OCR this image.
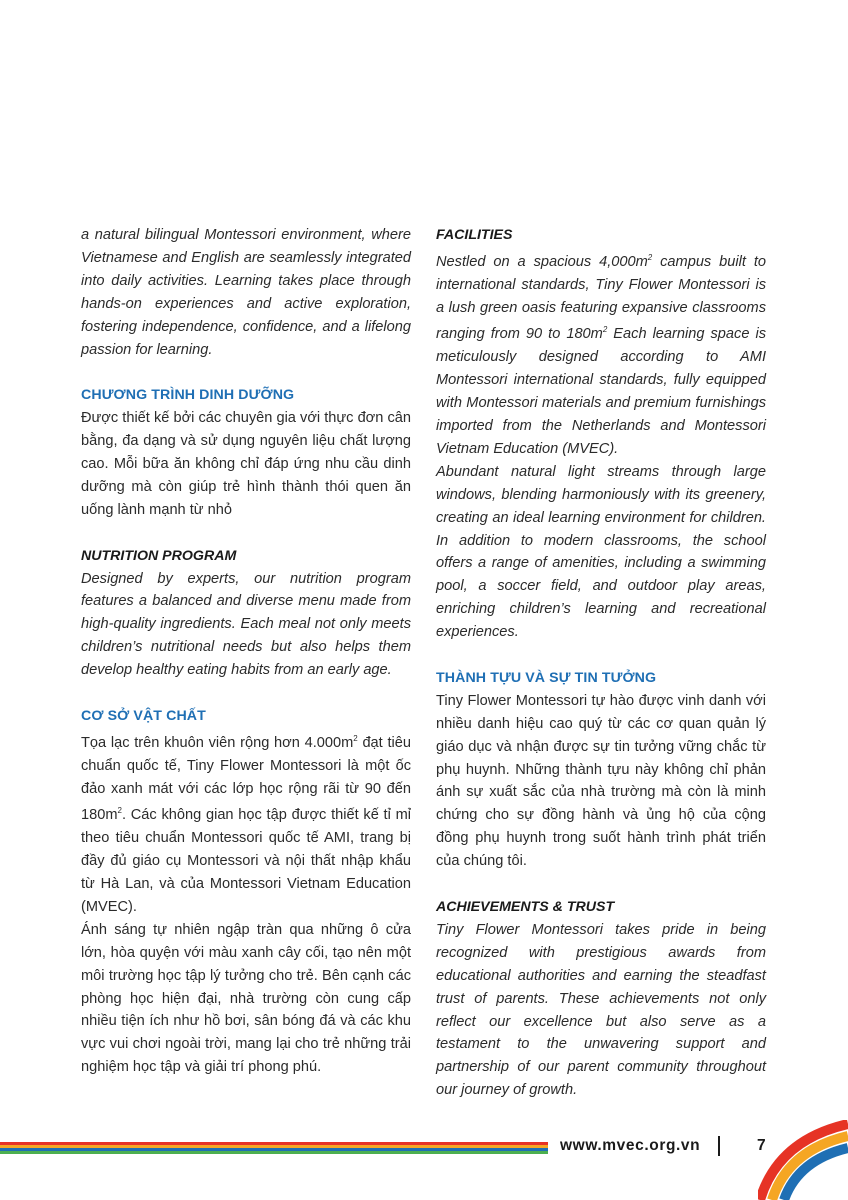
a natural bilingual Montessori environment, where Vietnamese and English are seamlessly integrated into daily activities. Learning takes place through hands-on experiences and active exploration, fostering independence, confidence, and a lifelong passion for learning.

CHƯƠNG TRÌNH DINH DƯỠNG

Được thiết kế bởi các chuyên gia với thực đơn cân bằng, đa dạng và sử dụng nguyên liệu chất lượng cao. Mỗi bữa ăn không chỉ đáp ứng nhu cầu dinh dưỡng mà còn giúp trẻ hình thành thói quen ăn uống lành mạnh từ nhỏ

NUTRITION PROGRAM

Designed by experts, our nutrition program features a balanced and diverse menu made from high-quality ingredients. Each meal not only meets children’s nutritional needs but also helps them develop healthy eating habits from an early age.

CƠ SỞ VẬT CHẤT

Tọa lạc trên khuôn viên rộng hơn $4.000m^2$ đạt tiêu chuẩn quốc tế, Tiny Flower Montessori là một ốc đảo xanh mát với các lớp học rộng rãi từ 90 đến $180m^2$. Các không gian học tập được thiết kế tỉ mỉ theo tiêu chuẩn Montessori quốc tế AMI, trang bị đầy đủ giáo cụ Montessori và nội thất nhập khẩu từ Hà Lan, và của Montessori Vietnam Education (MVEC).

Ánh sáng tự nhiên ngập tràn qua những ô cửa lớn, hòa quyện với màu xanh cây cối, tạo nên một môi trường học tập lý tưởng cho trẻ. Bên cạnh các phòng học hiện đại, nhà trường còn cung cấp nhiều tiện ích như hồ bơi, sân bóng đá và các khu vực vui chơi ngoài trời, mang lại cho trẻ những trải nghiệm học tập và giải trí phong phú.

FACILITIES

Nestled on a spacious $4,000m^2$ campus built to international standards, Tiny Flower Montessori is a lush green oasis featuring expansive classrooms ranging from 90 to $180m^2$ Each learning space is meticulously designed according to AMI Montessori international standards, fully equipped with Montessori materials and premium furnishings imported from the Netherlands and Montessori Vietnam Education (MVEC).

Abundant natural light streams through large windows, blending harmoniously with its greenery, creating an ideal learning environment for children. In addition to modern classrooms, the school offers a range of amenities, including a swimming pool, a soccer field, and outdoor play areas, enriching children’s learning and recreational experiences.

THÀNH TỰU VÀ SỰ TIN TƯỞNG

Tiny Flower Montessori tự hào được vinh danh với nhiều danh hiệu cao quý từ các cơ quan quản lý giáo dục và nhận được sự tin tưởng vững chắc từ phụ huynh. Những thành tựu này không chỉ phản ánh sự xuất sắc của nhà trường mà còn là minh chứng cho sự đồng hành và ủng hộ của cộng đồng phụ huynh trong suốt hành trình phát triển của chúng tôi.

ACHIEVEMENTS & TRUST

Tiny Flower Montessori takes pride in being recognized with prestigious awards from educational authorities and earning the steadfast trust of parents. These achievements not only reflect our excellence but also serve as a testament to the unwavering support and partnership of our parent community throughout our journey of growth.

www.mvec.org.vn	7
